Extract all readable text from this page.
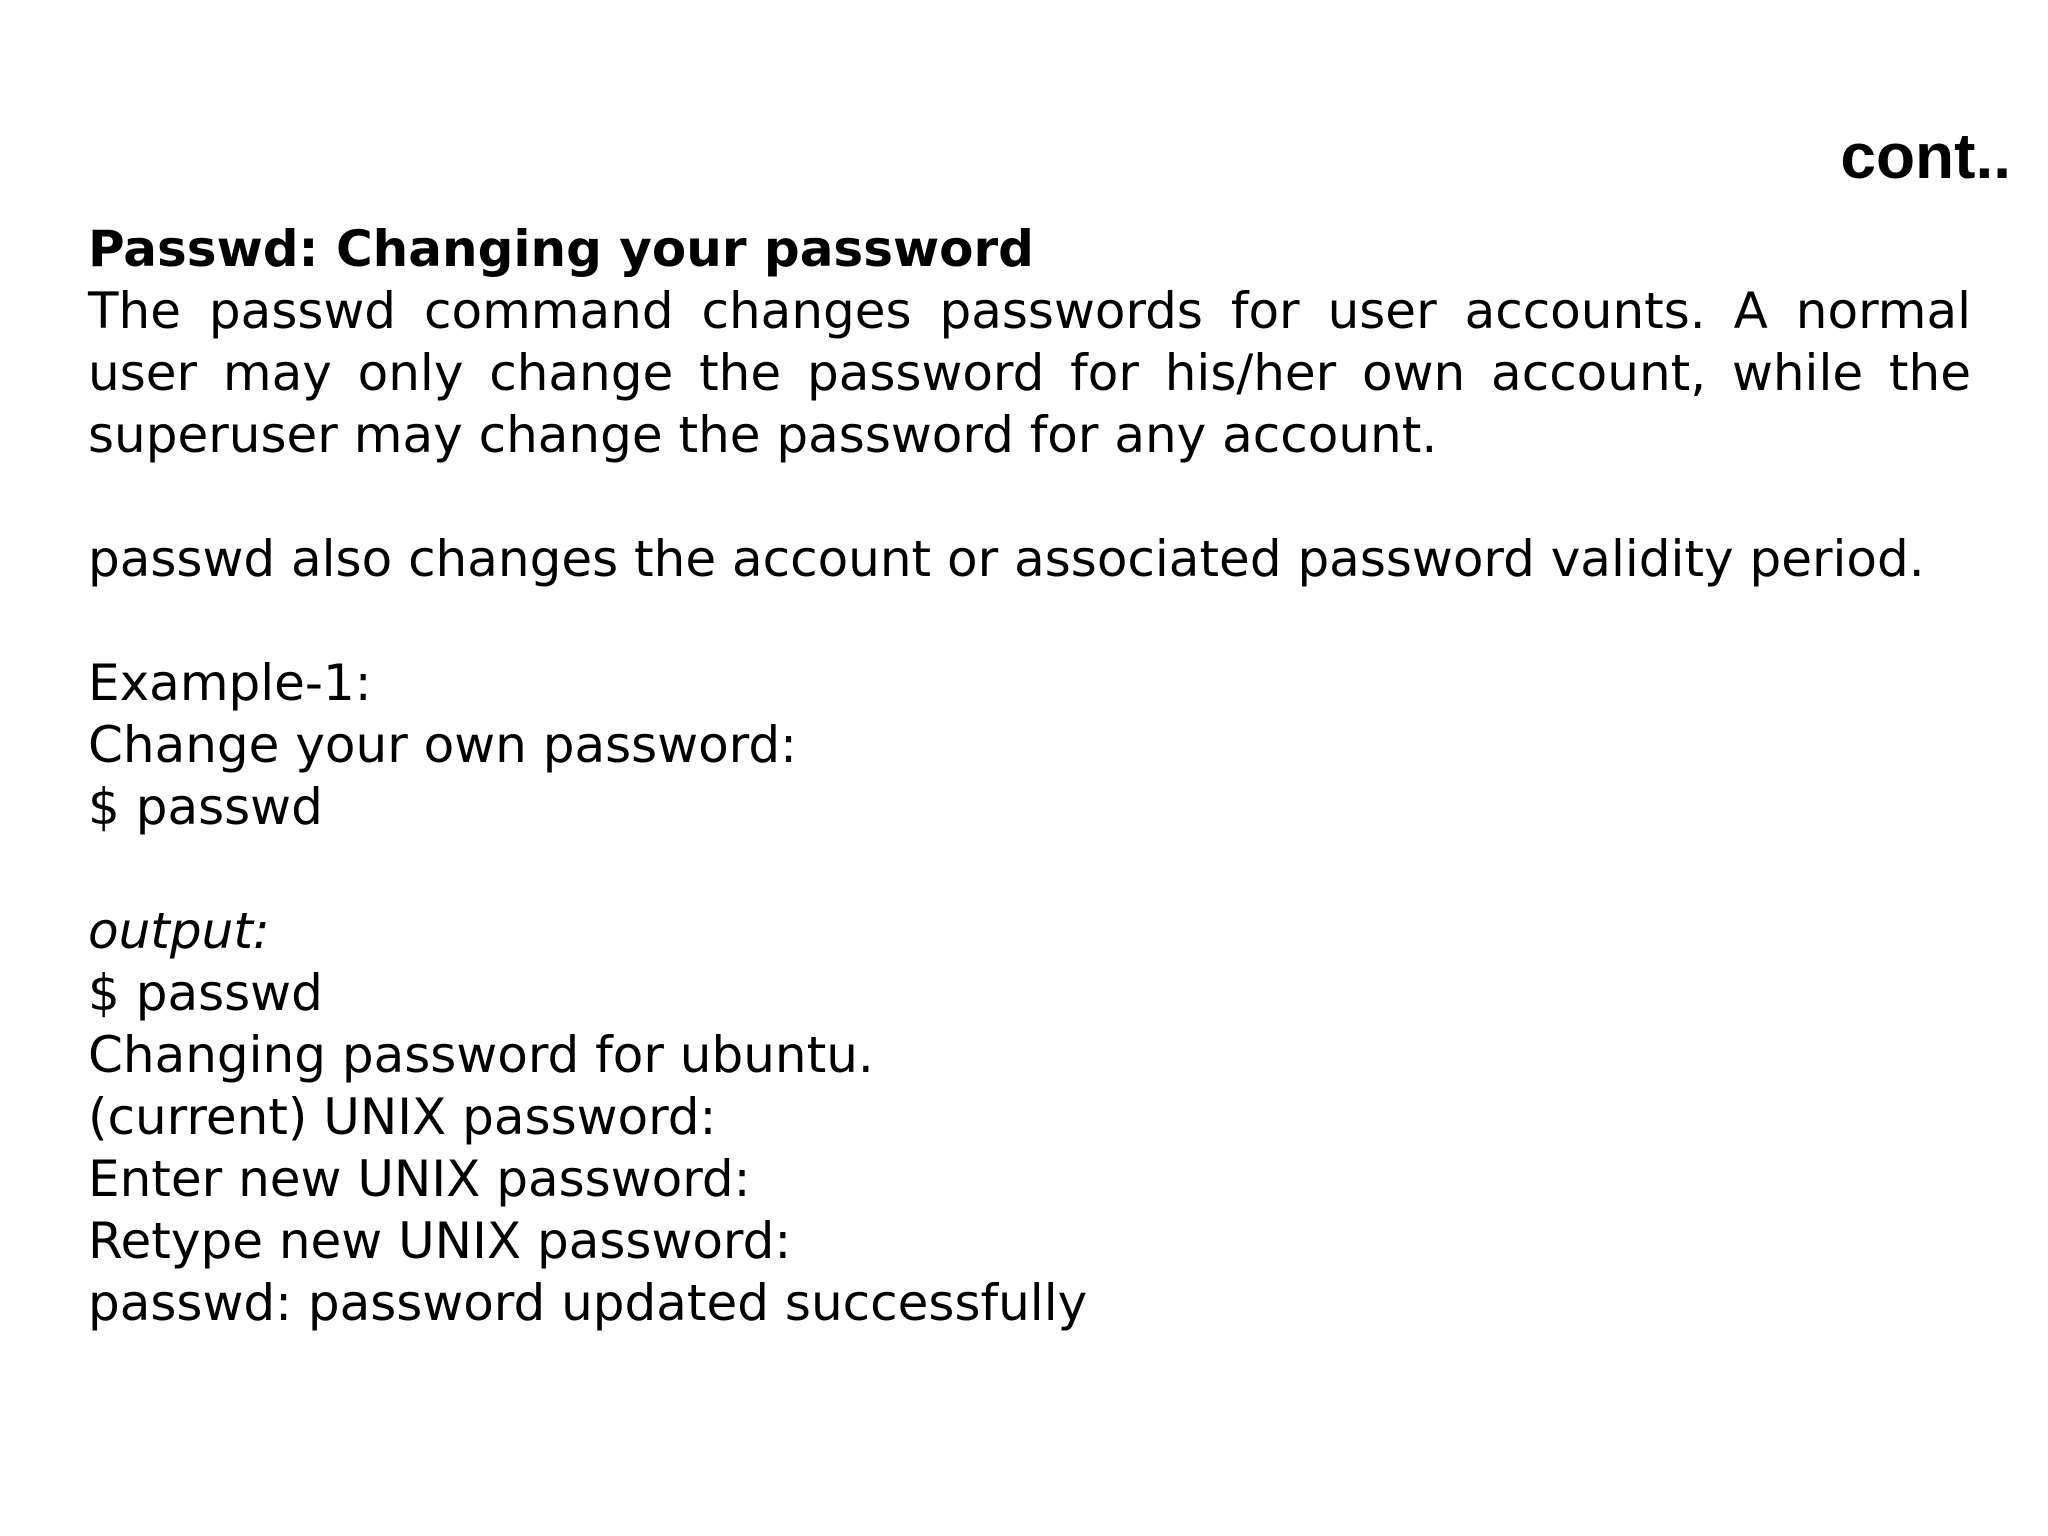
cont..

Passwd: Changing your password

The passwd command changes passwords for user accounts. A normal user may only change the password for his/her own account, while the superuser may change the password for any account.

passwd also changes the account or associated password validity period.

Example-1:

Change your own password:

$ passwd

output:

$ passwd

Changing password for ubuntu.

(current) UNIX password:

Enter new UNIX password:

Retype new UNIX password:

passwd: password updated successfully
